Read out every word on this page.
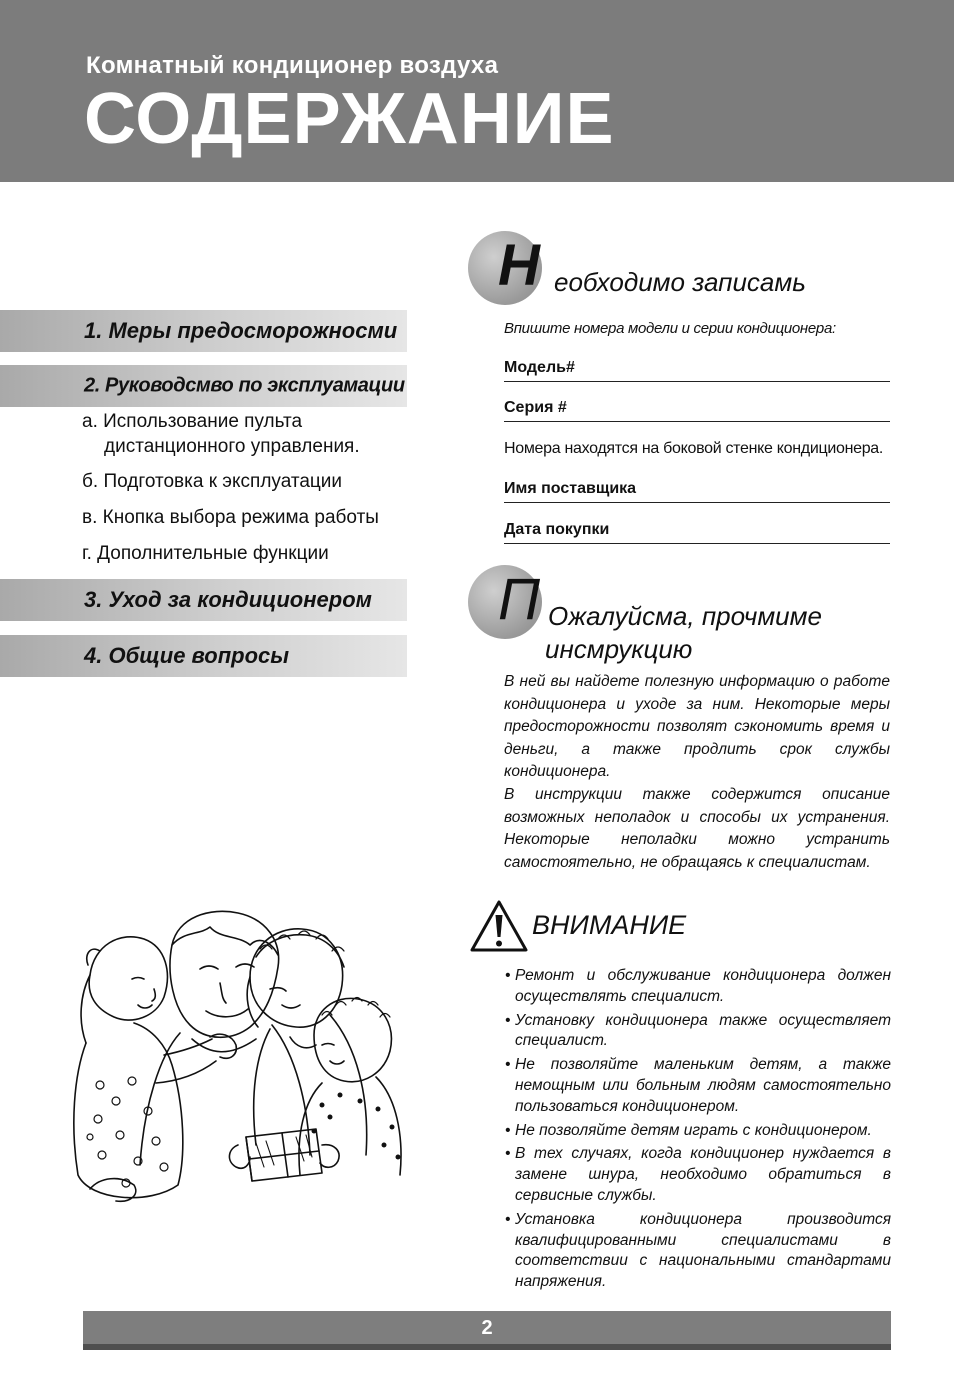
Комнатный кондиционер воздуха
СОДЕРЖАНИЕ
1. Меры предосморожносми
2. Руководсмво по эксплуамации
а. Использование пульта
дистанционного управления.
б. Подготовка к эксплуатации
в. Кнопка выбора режима работы
г. Дополнительные функции
3. Уход за кондиционером
4. Общие вопросы
Н еобходимо записамь
Впишите номера модели и серии кондиционера:
Модель#
Серия #
Номера находятся на боковой стенке кондиционера.
Имя поставщика
Дата покупки
П Ожалуйсма, прочмиме
инсмрукцию

В ней вы найдете полезную информацию о работе кондиционера и уходе за ним. Некоторые меры предосторожности позволят сэкономить время и деньги, а также продлить срок службы кондиционера.

В инструкции также содержится описание возможных неполадок и способы их устранения. Некоторые неполадки можно устранить самостоятельно, не обращаясь к специалистам.

ВНИМАНИЕ
• Ремонт и обслуживание кондиционера должен осуществлять специалист.
• Установку кондиционера также осуществляет специалист.
• Не позволяйте маленьким детям, а также немощным или больным людям самостоятельно пользоваться кондиционером.
• Не позволяйте детям играть с кондиционером.
• В тех случаях, когда кондиционер нуждается в замене шнура, необходимо обратиться в сервисные службы.
• Установка кондиционера производится квалифицированными специалистами в соответствии с национальными стандартами напряжения.
2
